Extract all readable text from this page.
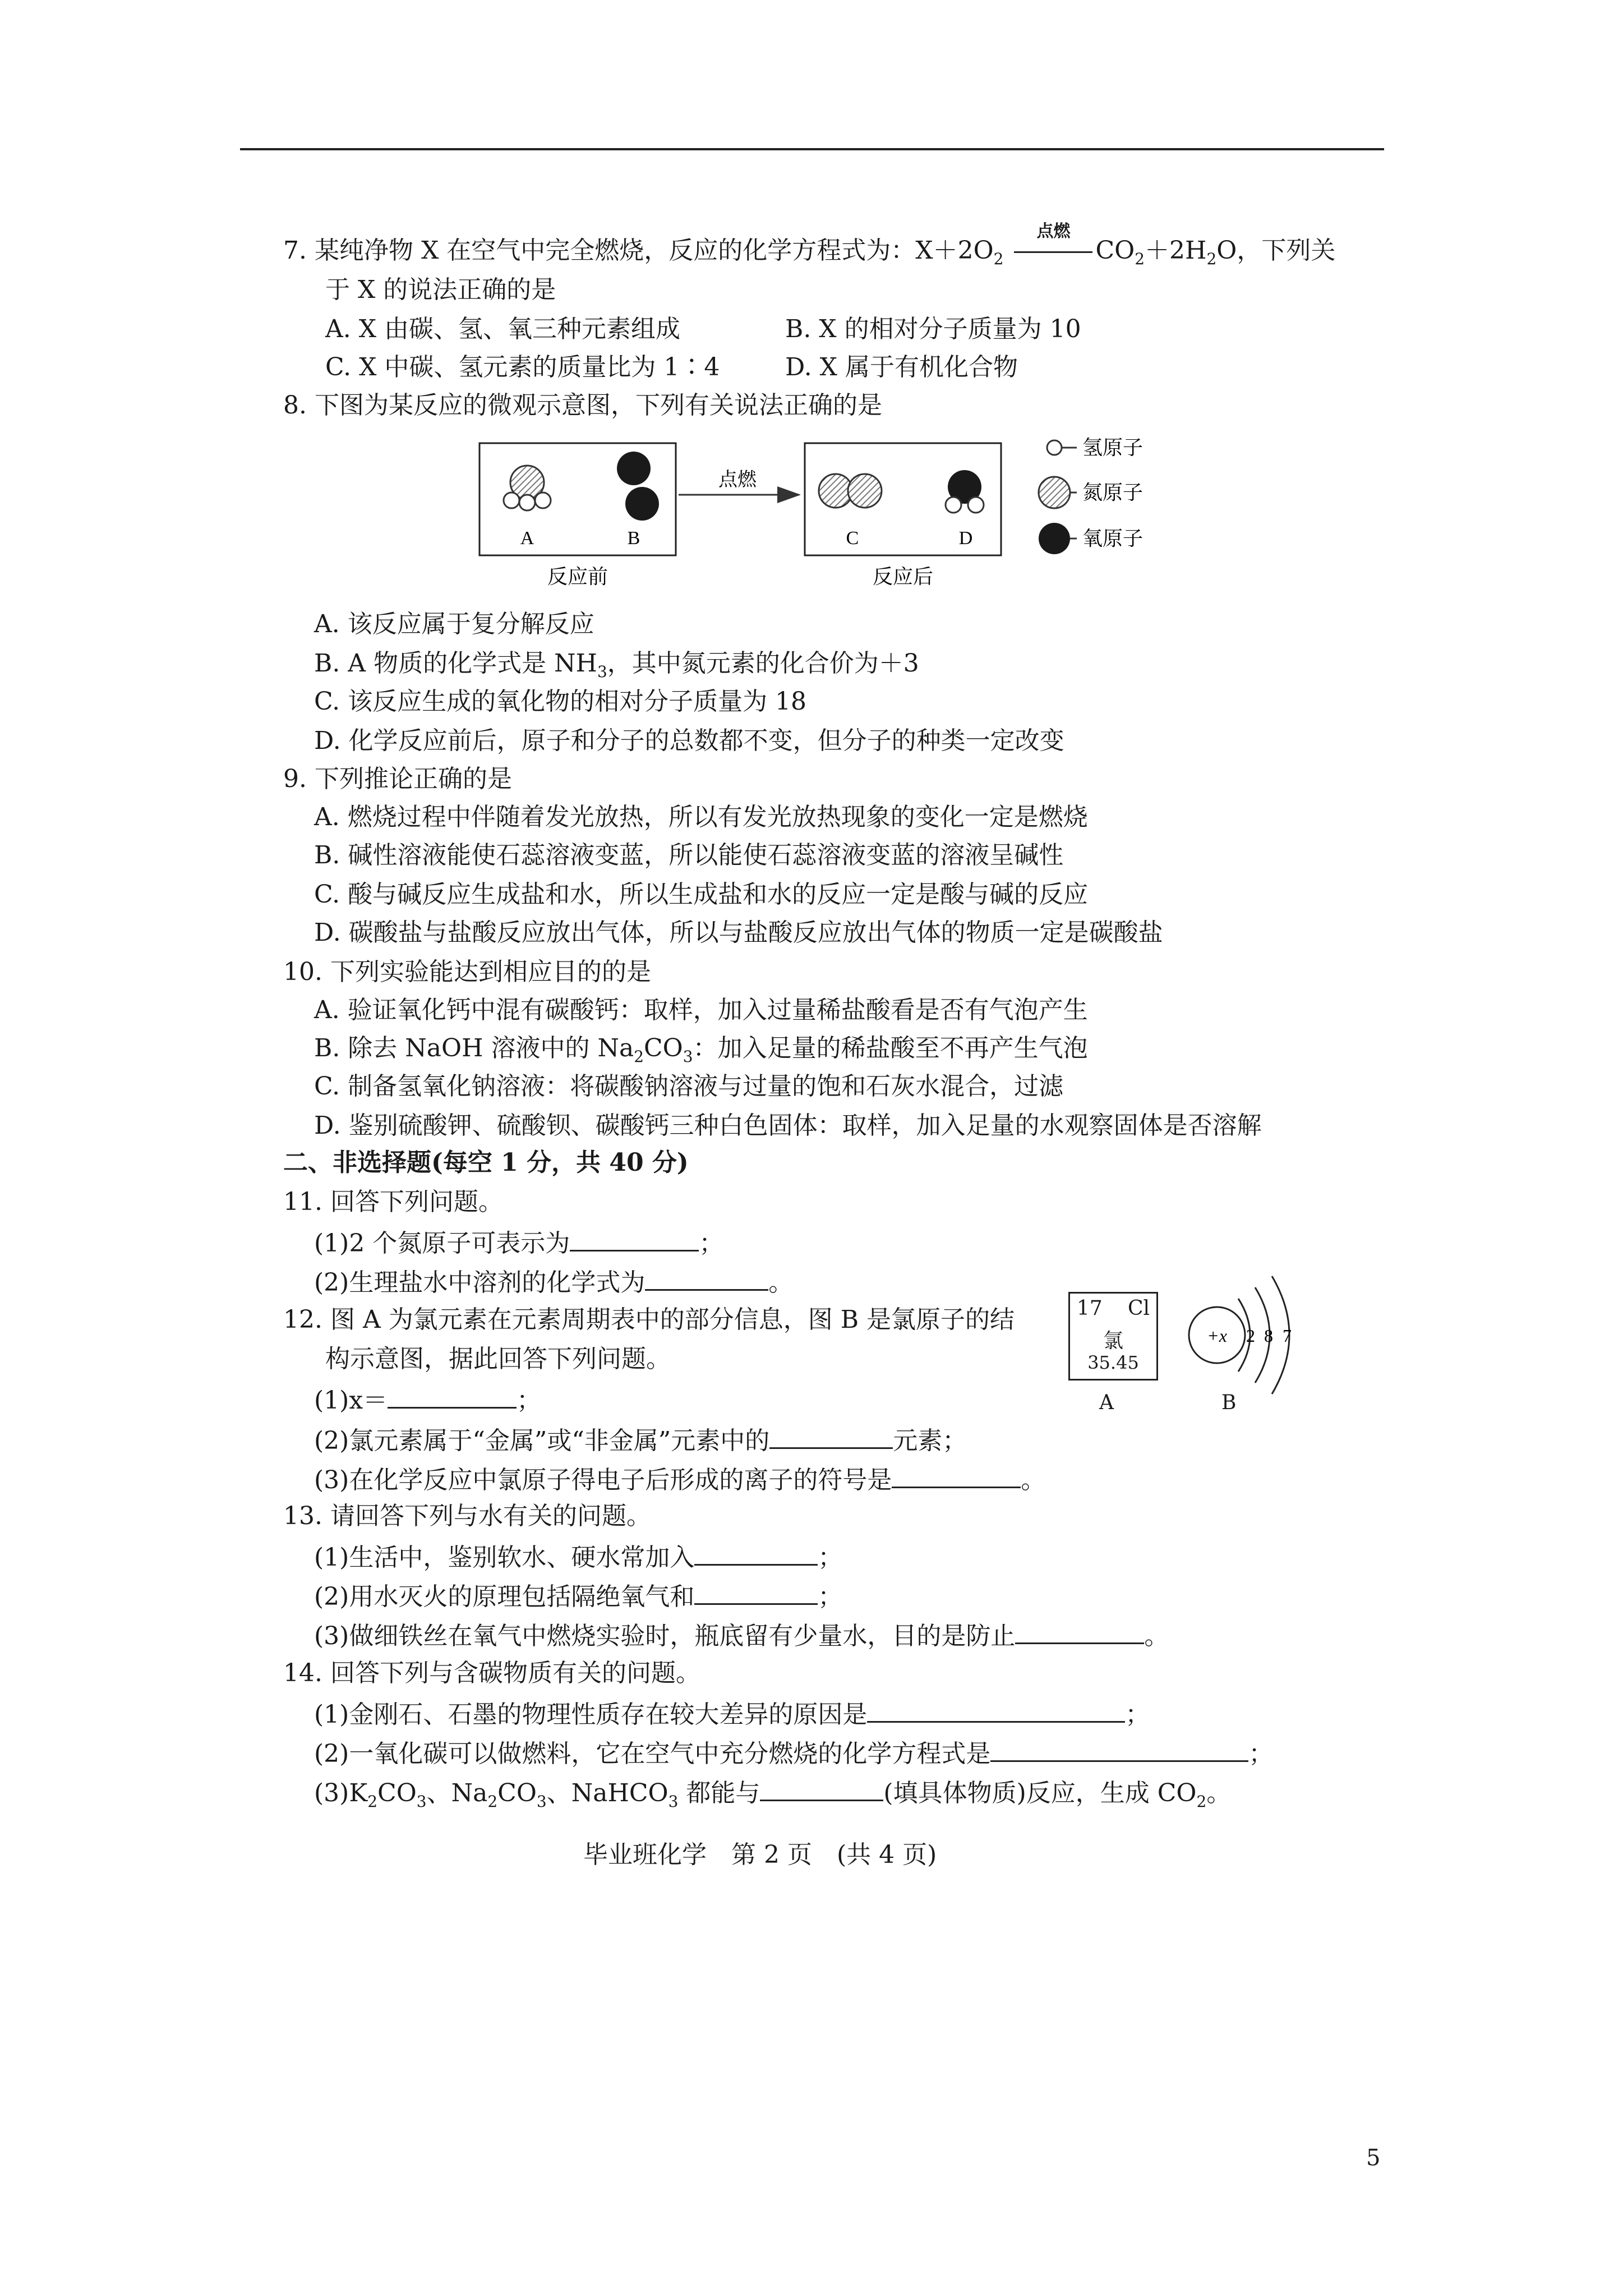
7. 某纯净物 X 在空气中完全燃烧，反应的化学方程式为：$X+2O_2$
点燃
$CO_2+2H_2O$，下列关
于 X 的说法正确的是
A. X 由碳、氢、氧三种元素组成	B. X 的相对分子质量为 10
C. X 中碳、氢元素的质量比为 1∶4	D. X 属于有机化合物
8. 下图为某反应的微观示意图，下列有关说法正确的是
A	B
反应前
点燃
C	D
反应后
氢原子
氮原子
氧原子
A. 该反应属于复分解反应
B. A 物质的化学式是 $NH_3$，其中氮元素的化合价为＋3
C. 该反应生成的氧化物的相对分子质量为 18
D. 化学反应前后，原子和分子的总数都不变，但分子的种类一定改变
9. 下列推论正确的是
A. 燃烧过程中伴随着发光放热，所以有发光放热现象的变化一定是燃烧
B. 碱性溶液能使石蕊溶液变蓝，所以能使石蕊溶液变蓝的溶液呈碱性
C. 酸与碱反应生成盐和水，所以生成盐和水的反应一定是酸与碱的反应
D. 碳酸盐与盐酸反应放出气体，所以与盐酸反应放出气体的物质一定是碳酸盐
10. 下列实验能达到相应目的的是
A. 验证氧化钙中混有碳酸钙：取样，加入过量稀盐酸看是否有气泡产生
B. 除去 NaOH 溶液中的 $Na_2CO_3$：加入足量的稀盐酸至不再产生气泡
C. 制备氢氧化钠溶液：将碳酸钠溶液与过量的饱和石灰水混合，过滤
D. 鉴别硫酸钾、硫酸钡、碳酸钙三种白色固体：取样，加入足量的水观察固体是否溶解
二、非选择题(每空 1 分，共 40 分)
11. 回答下列问题。
(1)2 个氮原子可表示为	；
(2)生理盐水中溶剂的化学式为	。
12. 图 A 为氯元素在元素周期表中的部分信息，图 B 是氯原子的结
构示意图，据此回答下列问题。
(1)x＝	；
(2)氯元素属于“金属”或“非金属”元素中的	元素；
(3)在化学反应中氯原子得电子后形成的离子的符号是	。
17 Cl
氯
35.45
A
+x 2 8 7
B
13. 请回答下列与水有关的问题。
(1)生活中，鉴别软水、硬水常加入	；
(2)用水灭火的原理包括隔绝氧气和	；
(3)做细铁丝在氧气中燃烧实验时，瓶底留有少量水，目的是防止	。
14. 回答下列与含碳物质有关的问题。
(1)金刚石、石墨的物理性质存在较大差异的原因是	；
(2)一氧化碳可以做燃料，它在空气中充分燃烧的化学方程式是	；
$(3)K_2CO_3$、$Na_2CO_3$、NaHCO$_3$ 都能与	(填具体物质)反应，生成 $CO_2$。
毕业班化学　第 2 页　(共 4 页)
5
